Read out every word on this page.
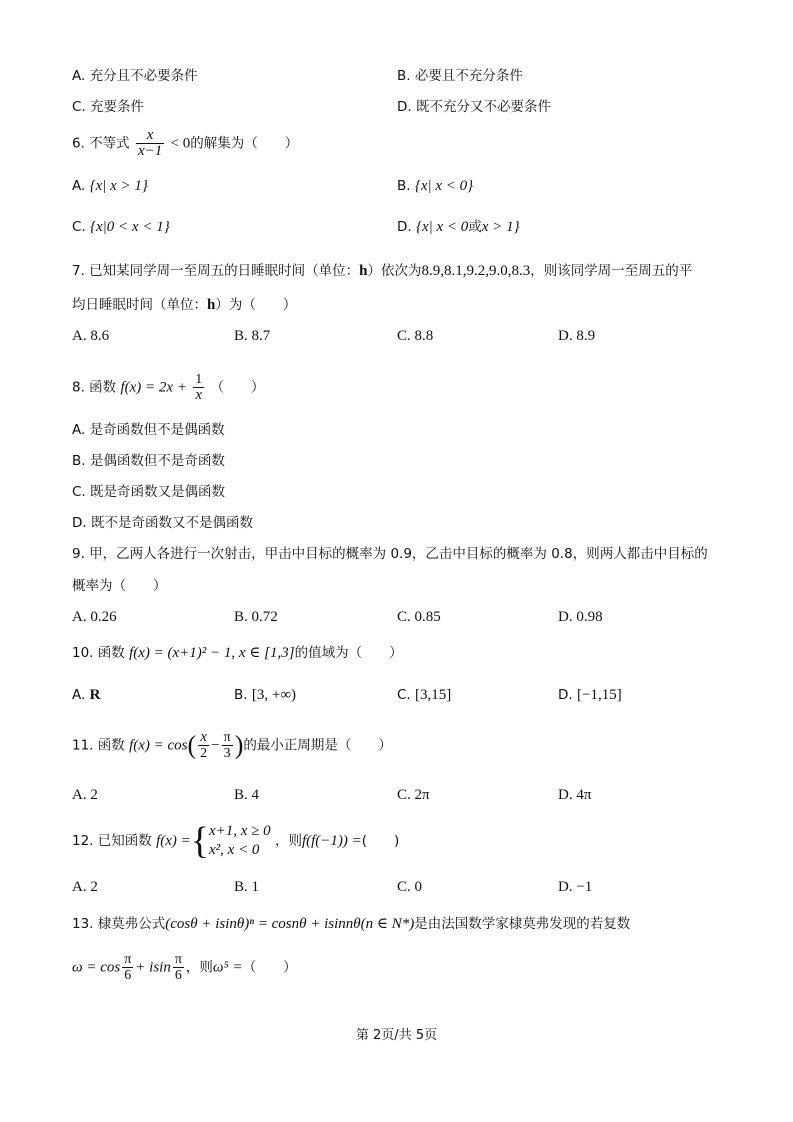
A. 充分且不必要条件	B. 必要且不充分条件
C. 充要条件	D. 既不充分又不必要条件
6. 不等式 $\frac{x}{x-1} < 0$的解集为（　　）
A. {x| x > 1}	B. {x| x < 0}
C. {x|0 < x < 1}	D. {x| x < 0或x > 1}
7. 已知某同学周一至周五的日睡眠时间（单位：h）依次为8.9,8.1,9.2,9.0,8.3，则该同学周一至周五的平
均日睡眠时间（单位：h）为（　　）
A. 8.6	B. 8.7	C. 8.8	D. 8.9
8. 函数 $f(x) = 2x + \frac{1}{x}$ （　　）
A. 是奇函数但不是偶函数
B. 是偶函数但不是奇函数
C. 既是奇函数又是偶函数
D. 既不是奇函数又不是偶函数
9. 甲，乙两人各进行一次射击，甲击中目标的概率为 0.9，乙击中目标的概率为 0.8，则两人都击中目标的
概率为（　　）
A. 0.26	B. 0.72	C. 0.85	D. 0.98
10. 函数 f(x) = (x+1)² − 1, x ∈ [1,3]的值域为（　　）
A. R	B. [3, +∞)	C. [3,15]	D. [−1,15]
11. 函数 $f(x) = \cos( \frac{x}{2} - \frac{\pi}{3}$ )的最小正周期是（　　）
A. 2	B. 4	C. 2π	D. 4π
12. 已知函数 f(x) ={ x+1, x ≥ 0
x², x < 0
，则f(f(−1)) =(　　)
A. 2	B. 1	C. 0	D. −1
13. 棣莫弗公式(cosθ + isinθ)ⁿ = cosnθ + isinnθ(n ∈ N*)是由法国数学家棣莫弗发现的若复数
$\omega = \cos \frac{\pi}{6} + isin \frac{\pi}{6}$ ，则ω⁵ =（　　）
第 2页/共 5页
